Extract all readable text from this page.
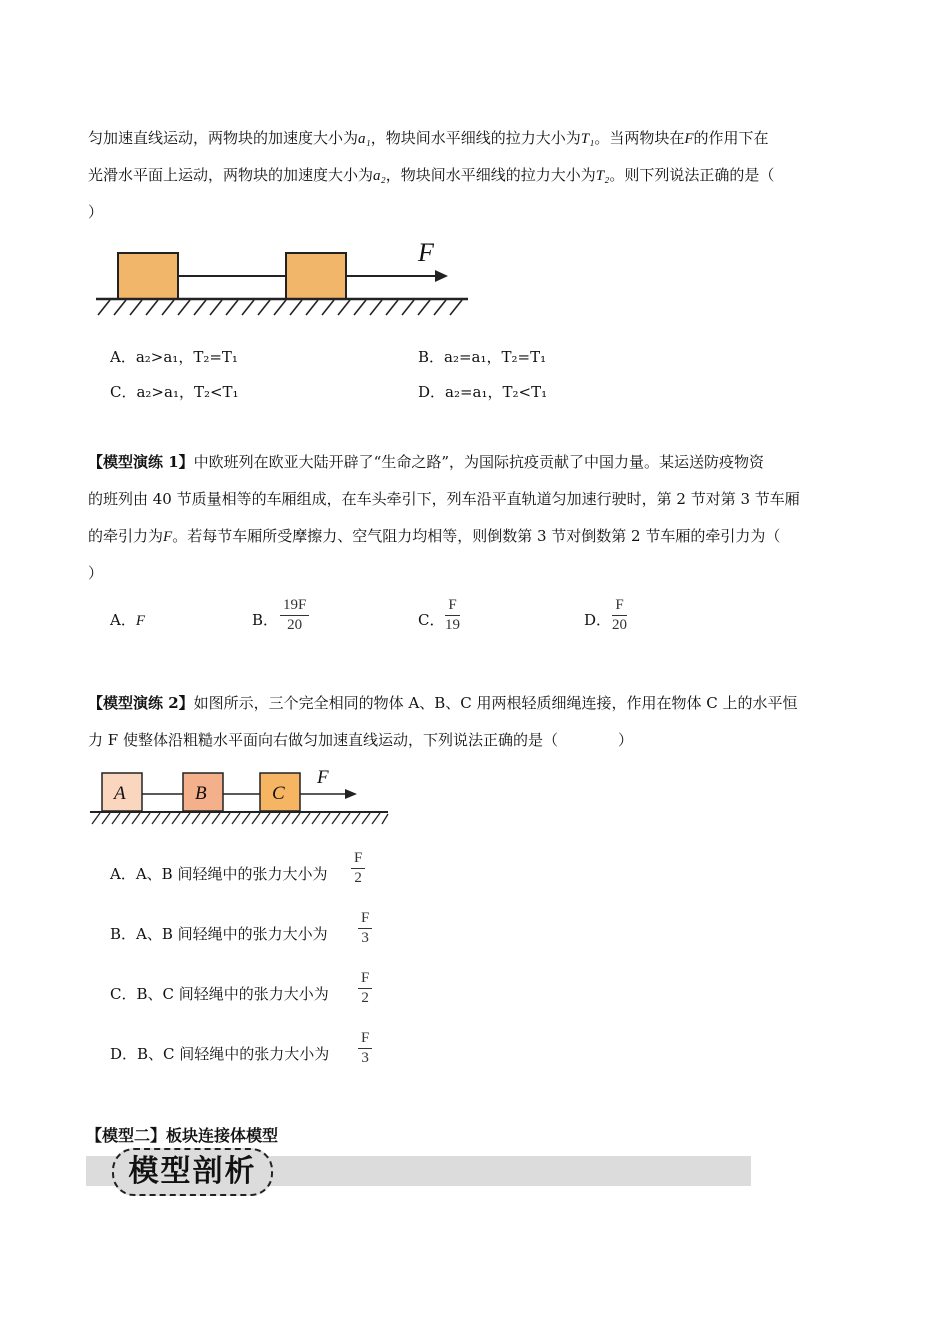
匀加速直线运动，两物块的加速度大小为a₁，物块间水平细线的拉力大小为T₁。当两物块在F的作用下在
光滑水平面上运动，两物块的加速度大小为a₂，物块间水平细线的拉力大小为T₂。则下列说法正确的是（
）
F
A．a₂>a₁，T₂=T₁	B．a₂=a₁，T₂=T₁
C．a₂>a₁，T₂<T₁	D．a₂=a₁，T₂<T₁
【模型演练 1】中欧班列在欧亚大陆开辟了“生命之路”，为国际抗疫贡献了中国力量。某运送防疫物资
的班列由 40 节质量相等的车厢组成，在车头牵引下，列车沿平直轨道匀加速行驶时，第 2 节对第 3 节车厢
的牵引力为F。若每节车厢所受摩擦力、空气阻力均相等，则倒数第 3 节对倒数第 2 节车厢的牵引力为（
）
A．F	B．
19F
20	C．
F
19	D．
F
20
【模型演练 2】如图所示，三个完全相同的物体 A、B、C 用两根轻质细绳连接，作用在物体 C 上的水平恒
力 F 使整体沿粗糙水平面向右做匀加速直线运动，下列说法正确的是（　　　　）
A	B	C
F
A．A、B 间轻绳中的张力大小为
F
2
B．A、B 间轻绳中的张力大小为
F
3
C．B、C 间轻绳中的张力大小为
F
2
D．B、C 间轻绳中的张力大小为
F
3
【模型二】板块连接体模型
模型剖析
